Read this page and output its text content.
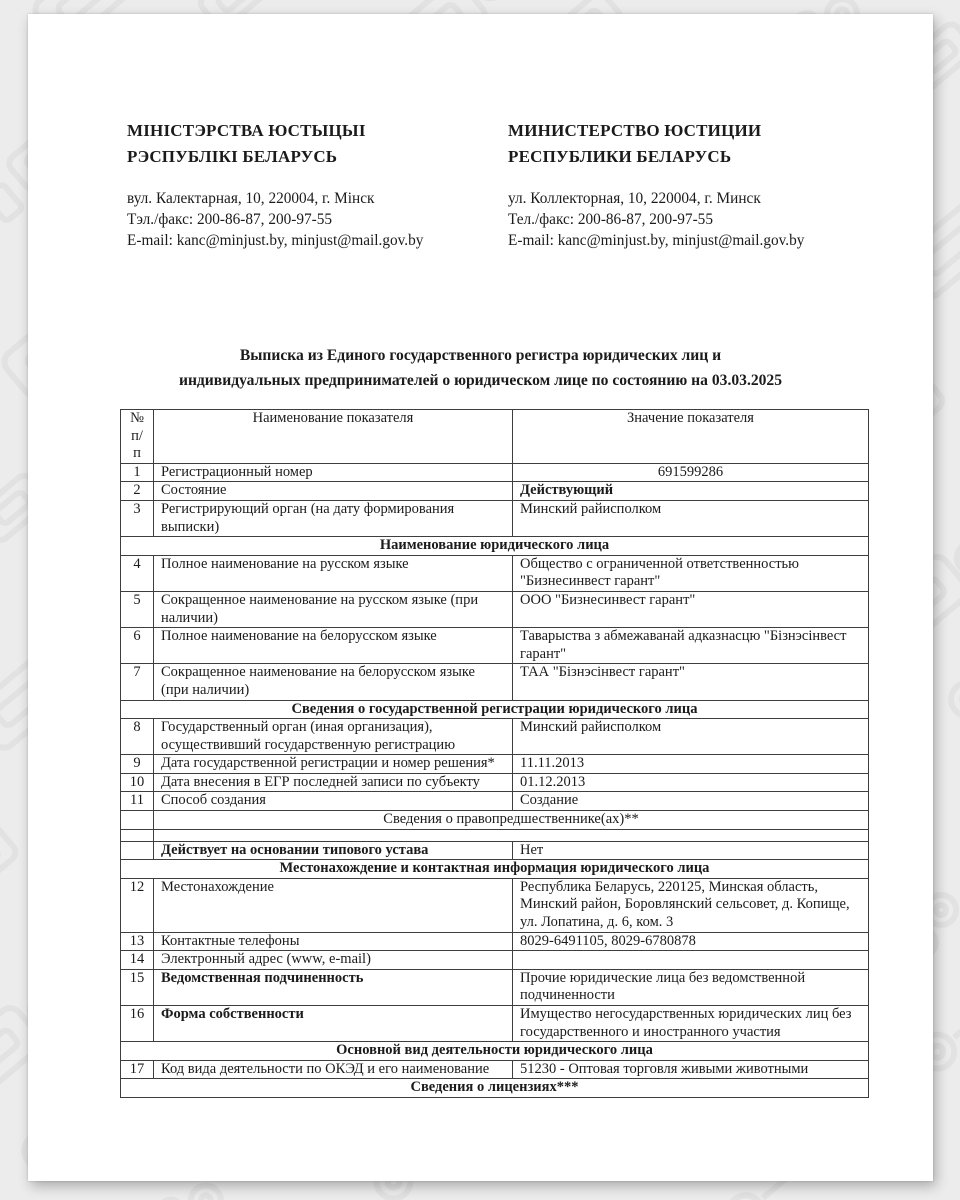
МІНІСТЭРСТВА ЮСТЫЦЫІ
РЭСПУБЛІКІ БЕЛАРУСЬ
вул. Калектарная, 10, 220004, г. Мінск
Тэл./факс: 200-86-87, 200-97-55
E-mail: kanc@minjust.by, minjust@mail.gov.by
МИНИСТЕРСТВО ЮСТИЦИИ
РЕСПУБЛИКИ БЕЛАРУСЬ
ул. Коллекторная, 10, 220004, г. Минск
Тел./факс: 200-86-87, 200-97-55
E-mail: kanc@minjust.by, minjust@mail.gov.by
Выписка из Единого государственного регистра юридических лиц и
индивидуальных предпринимателей о юридическом лице по состоянию на 03.03.2025
№
п/п	Наименование показателя	Значение показателя
1	Регистрационный номер	691599286
2	Состояние	Действующий
3	Регистрирующий орган (на дату формирования выписки)	Минский райисполком
Наименование юридического лица		
4	Полное наименование на русском языке	Общество с ограниченной ответственностью "Бизнесинвест гарант"
5	Сокращенное наименование на русском языке (при наличии)	ООО "Бизнесинвест гарант"
6	Полное наименование на белорусском языке	Таварыства з абмежаванай адказнасцю "Бізнэсінвест гарант"
7	Сокращенное наименование на белорусском языке (при наличии)	ТАА "Бізнэсінвест гарант"
Сведения о государственной регистрации юридического лица		
8	Государственный орган (иная организация), осуществивший государственную регистрацию	Минский райисполком
9	Дата государственной регистрации и номер решения*	11.11.2013
10	Дата внесения в ЕГР последней записи по субъекту	01.12.2013
11	Способ создания	Создание
	Сведения о правопредшественнике(ах)**	

	Действует на основании типового устава	Нет
Местонахождение и контактная информация юридического лица		
12	Местонахождение	Республика Беларусь, 220125, Минская область, Минский район, Боровлянский сельсовет, д. Копище, ул. Лопатина, д. 6, ком. 3
13	Контактные телефоны	8029-6491105, 8029-6780878
14	Электронный адрес (www, e-mail)	
15	Ведомственная подчиненность	Прочие юридические лица без ведомственной подчиненности
16	Форма собственности	Имущество негосударственных юридических лиц без государственного и иностранного участия
Основной вид деятельности юридического лица		
17	Код вида деятельности по ОКЭД и его наименование	51230 - Оптовая торговля живыми животными
Сведения о лицензиях***		
